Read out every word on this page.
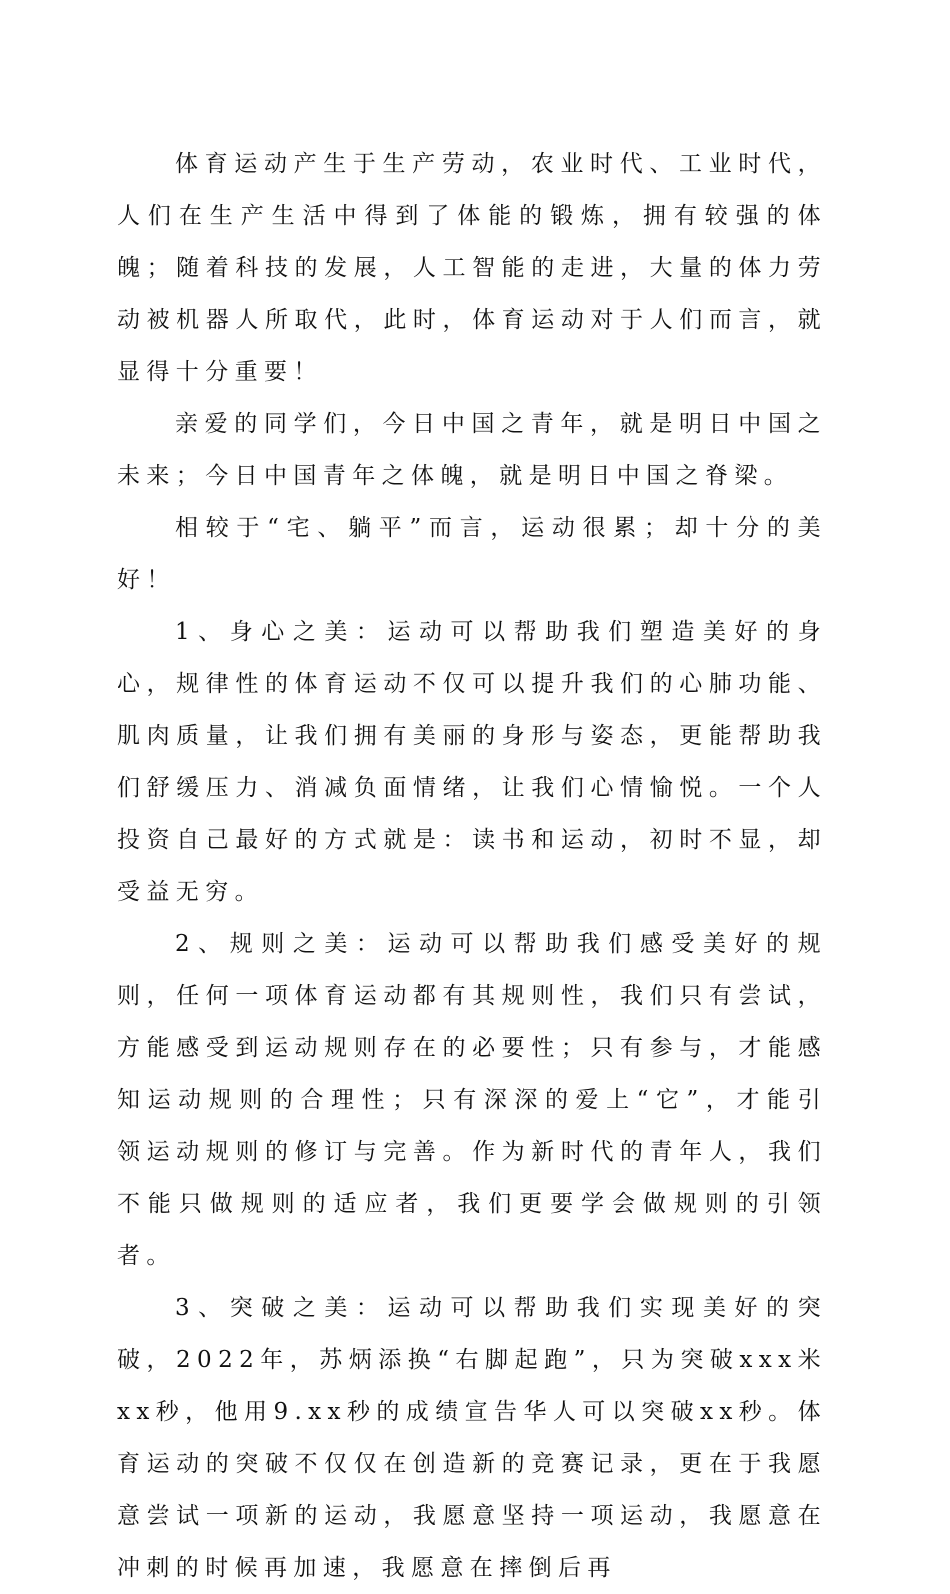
体育运动产生于生产劳动，农业时代、工业时代，人们在生产生活中得到了体能的锻炼，拥有较强的体魄；随着科技的发展，人工智能的走进，大量的体力劳动被机器人所取代，此时，体育运动对于人们而言，就显得十分重要！

亲爱的同学们，今日中国之青年，就是明日中国之未来；今日中国青年之体魄，就是明日中国之脊梁。

相较于“宅、躺平”而言，运动很累；却十分的美好！

1、身心之美：运动可以帮助我们塑造美好的身心，规律性的体育运动不仅可以提升我们的心肺功能、肌肉质量，让我们拥有美丽的身形与姿态，更能帮助我们舒缓压力、消减负面情绪，让我们心情愉悦。一个人投资自己最好的方式就是：读书和运动，初时不显，却受益无穷。

2、规则之美：运动可以帮助我们感受美好的规则，任何一项体育运动都有其规则性，我们只有尝试，方能感受到运动规则存在的必要性；只有参与，才能感知运动规则的合理性；只有深深的爱上“它”，才能引领运动规则的修订与完善。作为新时代的青年人，我们不能只做规则的适应者，我们更要学会做规则的引领者。

3、突破之美：运动可以帮助我们实现美好的突破，2022年，苏炳添换“右脚起跑”，只为突破xxx米xx秒，他用9.xx秒的成绩宣告华人可以突破xx秒。体育运动的突破不仅仅在创造新的竞赛记录，更在于我愿意尝试一项新的运动，我愿意坚持一项运动，我愿意在冲刺的时候再加速，我愿意在摔倒后再
